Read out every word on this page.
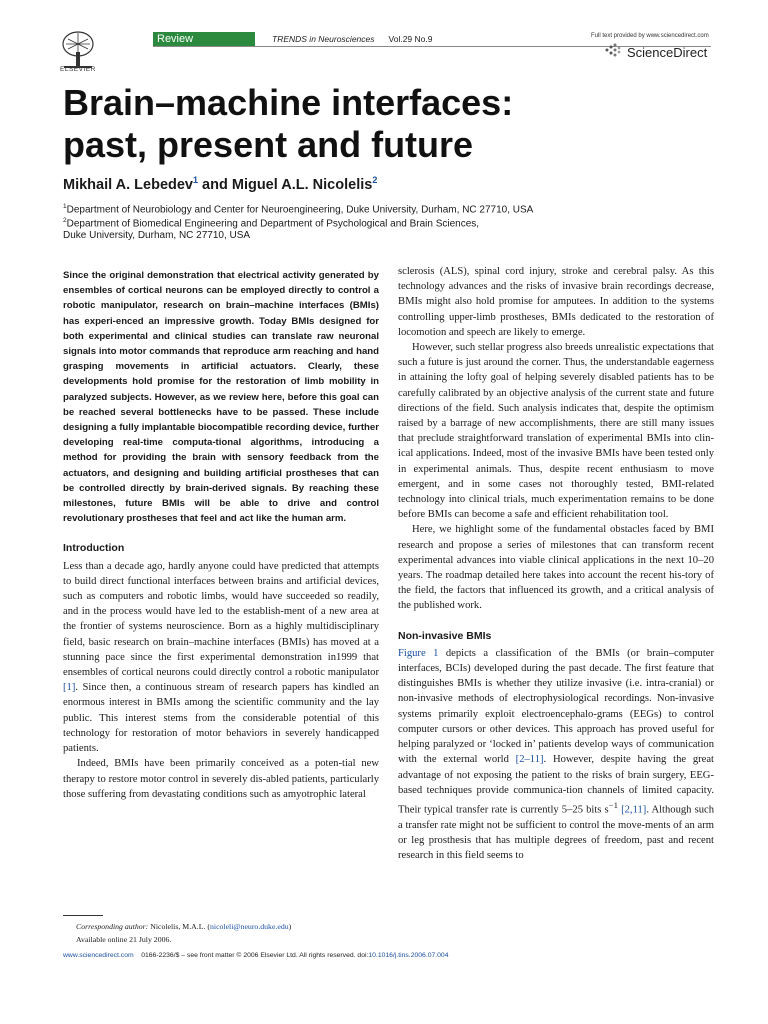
ELSEVIER
Review	TRENDS in Neurosciences Vol.29 No.9	Full text provided by www.sciencedirect.com
ScienceDirect
Brain–machine interfaces:
past, present and future
Mikhail A. Lebedev$^1$ and Miguel A.L. Nicolelis$^2$
$^1$Department of Neurobiology and Center for Neuroengineering, Duke University, Durham, NC 27710, USA
$^2$Department of Biomedical Engineering and Department of Psychological and Brain Sciences,
Duke University, Durham, NC 27710, USA

Since the original demonstration that electrical activity generated by ensembles of cortical neurons can be employed directly to control a robotic manipulator, research on brain–machine interfaces (BMIs) has experi-enced an impressive growth. Today BMIs designed for both experimental and clinical studies can translate raw neuronal signals into motor commands that reproduce arm reaching and hand grasping movements in artificial actuators. Clearly, these developments hold promise for the restoration of limb mobility in paralyzed subjects. However, as we review here, before this goal can be reached several bottlenecks have to be passed. These include designing a fully implantable biocompatible recording device, further developing real-time computa-tional algorithms, introducing a method for providing the brain with sensory feedback from the actuators, and designing and building artificial prostheses that can be controlled directly by brain-derived signals. By reaching these milestones, future BMIs will be able to drive and control revolutionary prostheses that feel and act like the human arm.

Introduction

Less than a decade ago, hardly anyone could have predicted that attempts to build direct functional interfaces between brains and artificial devices, such as computers and robotic limbs, would have succeeded so readily, and in the process would have led to the establish-ment of a new area at the frontier of systems neuroscience. Born as a highly multidisciplinary field, basic research on brain–machine interfaces (BMIs) has moved at a stunning pace since the first experimental demonstration in1999 that ensembles of cortical neurons could directly control a robotic manipulator [1]. Since then, a continuous stream of research papers has kindled an enormous interest in BMIs among the scientific community and the lay public. This interest stems from the considerable potential of this technology for restoration of motor behaviors in severely handicapped patients.

Indeed, BMIs have been primarily conceived as a poten-tial new therapy to restore motor control in severely dis-abled patients, particularly those suffering from devastating conditions such as amyotrophic lateral

sclerosis (ALS), spinal cord injury, stroke and cerebral palsy. As this technology advances and the risks of invasive brain recordings decrease, BMIs might also hold promise for amputees. In addition to the systems controlling upper-limb prostheses, BMIs dedicated to the restoration of locomotion and speech are likely to emerge.

However, such stellar progress also breeds unrealistic expectations that such a future is just around the corner. Thus, the understandable eagerness in attaining the lofty goal of helping severely disabled patients has to be carefully calibrated by an objective analysis of the current state and future directions of the field. Such analysis indicates that, despite the optimism raised by a barrage of new accomplishments, there are still many issues that preclude straightforward translation of experimental BMIs into clin-ical applications. Indeed, most of the invasive BMIs have been tested only in experimental animals. Thus, despite recent enthusiasm to move emergent, and in some cases not thoroughly tested, BMI-related technology into clinical trials, much experimentation remains to be done before BMIs can become a safe and efficient rehabilitation tool.

Here, we highlight some of the fundamental obstacles faced by BMI research and propose a series of milestones that can transform recent experimental advances into viable clinical applications in the next 10–20 years. The roadmap detailed here takes into account the recent his-tory of the field, the factors that influenced its growth, and a critical analysis of the published work.

Non-invasive BMIs

Figure 1 depicts a classification of the BMIs (or brain–computer interfaces, BCIs) developed during the past decade. The first feature that distinguishes BMIs is whether they utilize invasive (i.e. intra-cranial) or non-invasive methods of electrophysiological recordings. Non-invasive systems primarily exploit electroencephalo-grams (EEGs) to control computer cursors or other devices. This approach has proved useful for helping paralyzed or ‘locked in’ patients develop ways of communication with the external world [2–11]. However, despite having the great advantage of not exposing the patient to the risks of brain surgery, EEG-based techniques provide communica-tion channels of limited capacity. Their typical transfer rate is currently 5–25 bits $s^{-1}$ [2,11]. Although such a transfer rate might not be sufficient to control the move-ments of an arm or leg prosthesis that has multiple degrees of freedom, past and recent research in this field seems to

Corresponding author: Nicolelis, M.A.L. (nicoleli@neuro.duke.edu)
Available online 21 July 2006.
www.sciencedirect.com 0166-2236/$ – see front matter © 2006 Elsevier Ltd. All rights reserved. doi:10.1016/j.tins.2006.07.004
